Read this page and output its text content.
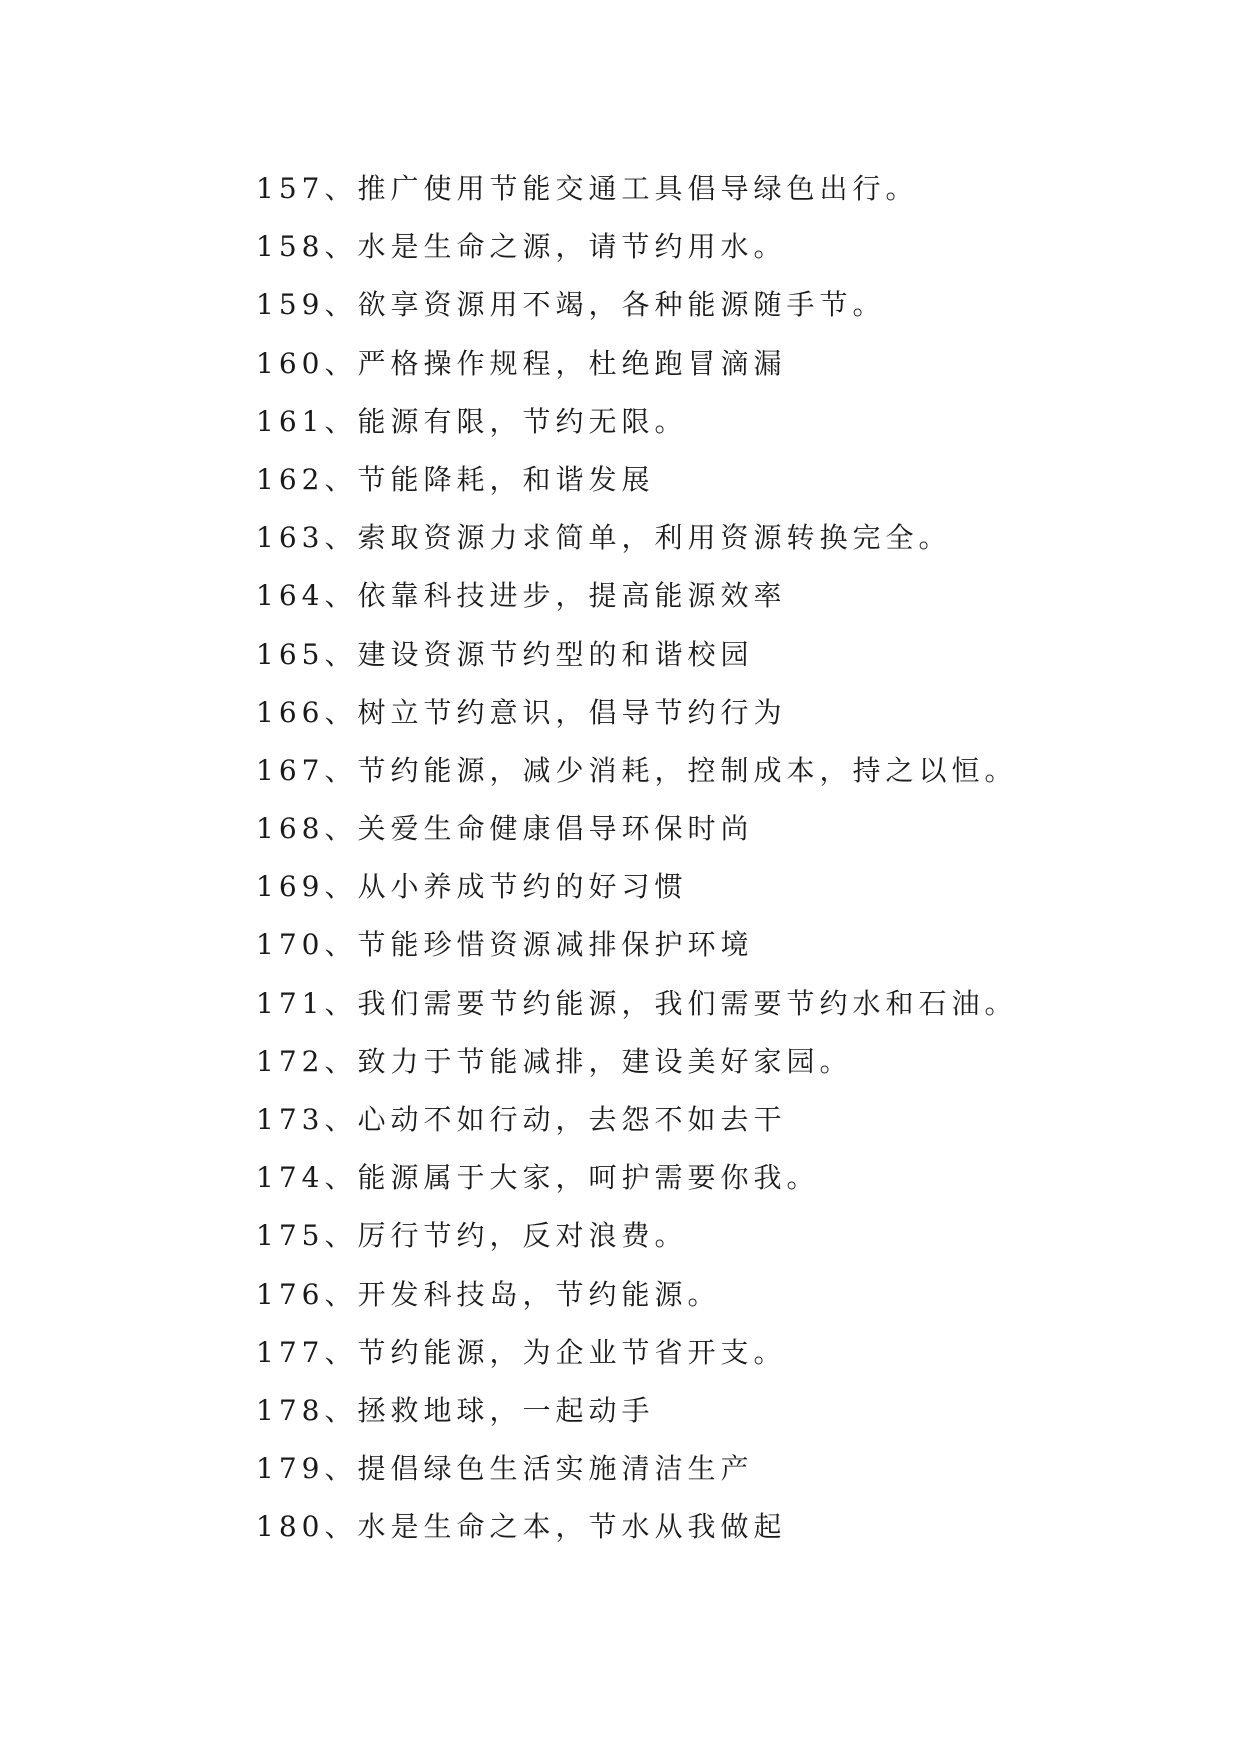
157、推广使用节能交通工具倡导绿色出行。
158、水是生命之源，请节约用水。
159、欲享资源用不竭，各种能源随手节。
160、严格操作规程，杜绝跑冒滴漏
161、能源有限，节约无限。
162、节能降耗，和谐发展
163、索取资源力求简单，利用资源转换完全。
164、依靠科技进步，提高能源效率
165、建设资源节约型的和谐校园
166、树立节约意识，倡导节约行为
167、节约能源，减少消耗，控制成本，持之以恒。
168、关爱生命健康倡导环保时尚
169、从小养成节约的好习惯
170、节能珍惜资源减排保护环境
171、我们需要节约能源，我们需要节约水和石油。
172、致力于节能减排，建设美好家园。
173、心动不如行动，去怨不如去干
174、能源属于大家，呵护需要你我。
175、厉行节约，反对浪费。
176、开发科技岛，节约能源。
177、节约能源，为企业节省开支。
178、拯救地球，一起动手
179、提倡绿色生活实施清洁生产
180、水是生命之本，节水从我做起
